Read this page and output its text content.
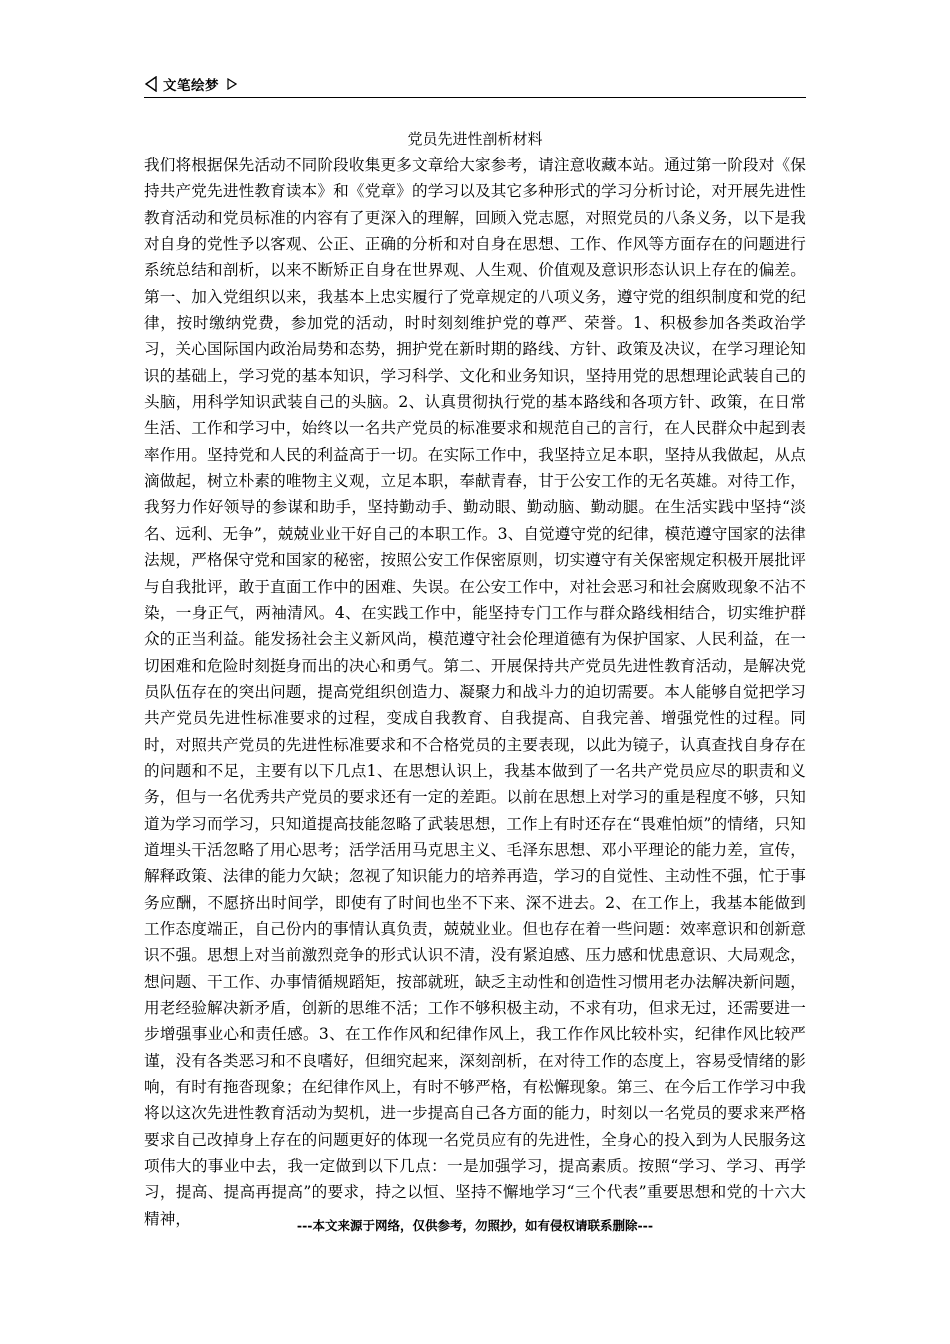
文笔绘梦
党员先进性剖析材料

我们将根据保先活动不同阶段收集更多文章给大家参考，请注意收藏本站。通过第一阶段对《保持共产党先进性教育读本》和《党章》的学习以及其它多种形式的学习分析讨论，对开展先进性教育活动和党员标准的内容有了更深入的理解，回顾入党志愿，对照党员的八条义务，以下是我对自身的党性予以客观、公正、正确的分析和对自身在思想、工作、作风等方面存在的问题进行系统总结和剖析，以来不断矫正自身在世界观、人生观、价值观及意识形态认识上存在的偏差。第一、加入党组织以来，我基本上忠实履行了党章规定的八项义务，遵守党的组织制度和党的纪律，按时缴纳党费，参加党的活动，时时刻刻维护党的尊严、荣誉。1、积极参加各类政治学习，关心国际国内政治局势和态势，拥护党在新时期的路线、方针、政策及决议，在学习理论知识的基础上，学习党的基本知识，学习科学、文化和业务知识，坚持用党的思想理论武装自己的头脑，用科学知识武装自己的头脑。2、认真贯彻执行党的基本路线和各项方针、政策，在日常生活、工作和学习中，始终以一名共产党员的标准要求和规范自己的言行，在人民群众中起到表率作用。坚持党和人民的利益高于一切。在实际工作中，我坚持立足本职，坚持从我做起，从点滴做起，树立朴素的唯物主义观，立足本职，奉献青春，甘于公安工作的无名英雄。对待工作，我努力作好领导的参谋和助手，坚持勤动手、勤动眼、勤动脑、勤动腿。在生活实践中坚持“淡名、远利、无争”，兢兢业业干好自己的本职工作。3、自觉遵守党的纪律，模范遵守国家的法律法规，严格保守党和国家的秘密，按照公安工作保密原则，切实遵守有关保密规定积极开展批评与自我批评，敢于直面工作中的困难、失误。在公安工作中，对社会恶习和社会腐败现象不沾不染，一身正气，两袖清风。4、在实践工作中，能坚持专门工作与群众路线相结合，切实维护群众的正当利益。能发扬社会主义新风尚，模范遵守社会伦理道德有为保护国家、人民利益，在一切困难和危险时刻挺身而出的决心和勇气。第二、开展保持共产党员先进性教育活动，是解决党员队伍存在的突出问题，提高党组织创造力、凝聚力和战斗力的迫切需要。本人能够自觉把学习共产党员先进性标准要求的过程，变成自我教育、自我提高、自我完善、增强党性的过程。同时，对照共产党员的先进性标准要求和不合格党员的主要表现，以此为镜子，认真查找自身存在的问题和不足，主要有以下几点1、在思想认识上，我基本做到了一名共产党员应尽的职责和义务，但与一名优秀共产党员的要求还有一定的差距。以前在思想上对学习的重是程度不够，只知道为学习而学习，只知道提高技能忽略了武装思想，工作上有时还存在“畏难怕烦”的情绪，只知道埋头干活忽略了用心思考；活学活用马克思主义、毛泽东思想、邓小平理论的能力差，宣传，解释政策、法律的能力欠缺；忽视了知识能力的培养再造，学习的自觉性、主动性不强，忙于事务应酬，不愿挤出时间学，即使有了时间也坐不下来、深不进去。2、在工作上，我基本能做到工作态度端正，自己份内的事情认真负责，兢兢业业。但也存在着一些问题：效率意识和创新意识不强。思想上对当前激烈竞争的形式认识不清，没有紧迫感、压力感和忧患意识、大局观念，想问题、干工作、办事情循规蹈矩，按部就班，缺乏主动性和创造性习惯用老办法解决新问题，用老经验解决新矛盾，创新的思维不活；工作不够积极主动，不求有功，但求无过，还需要进一步增强事业心和责任感。3、在工作作风和纪律作风上，我工作作风比较朴实，纪律作风比较严谨，没有各类恶习和不良嗜好，但细究起来，深刻剖析，在对待工作的态度上，容易受情绪的影响，有时有拖沓现象；在纪律作风上，有时不够严格，有松懈现象。第三、在今后工作学习中我将以这次先进性教育活动为契机，进一步提高自己各方面的能力，时刻以一名党员的要求来严格要求自己改掉身上存在的问题更好的体现一名党员应有的先进性，全身心的投入到为人民服务这项伟大的事业中去，我一定做到以下几点：一是加强学习，提高素质。按照“学习、学习、再学习，提高、提高再提高”的要求，持之以恒、坚持不懈地学习“三个代表”重要思想和党的十六大精神，	---本文来源于网络，仅供参考，勿照抄，如有侵权请联系删除---
